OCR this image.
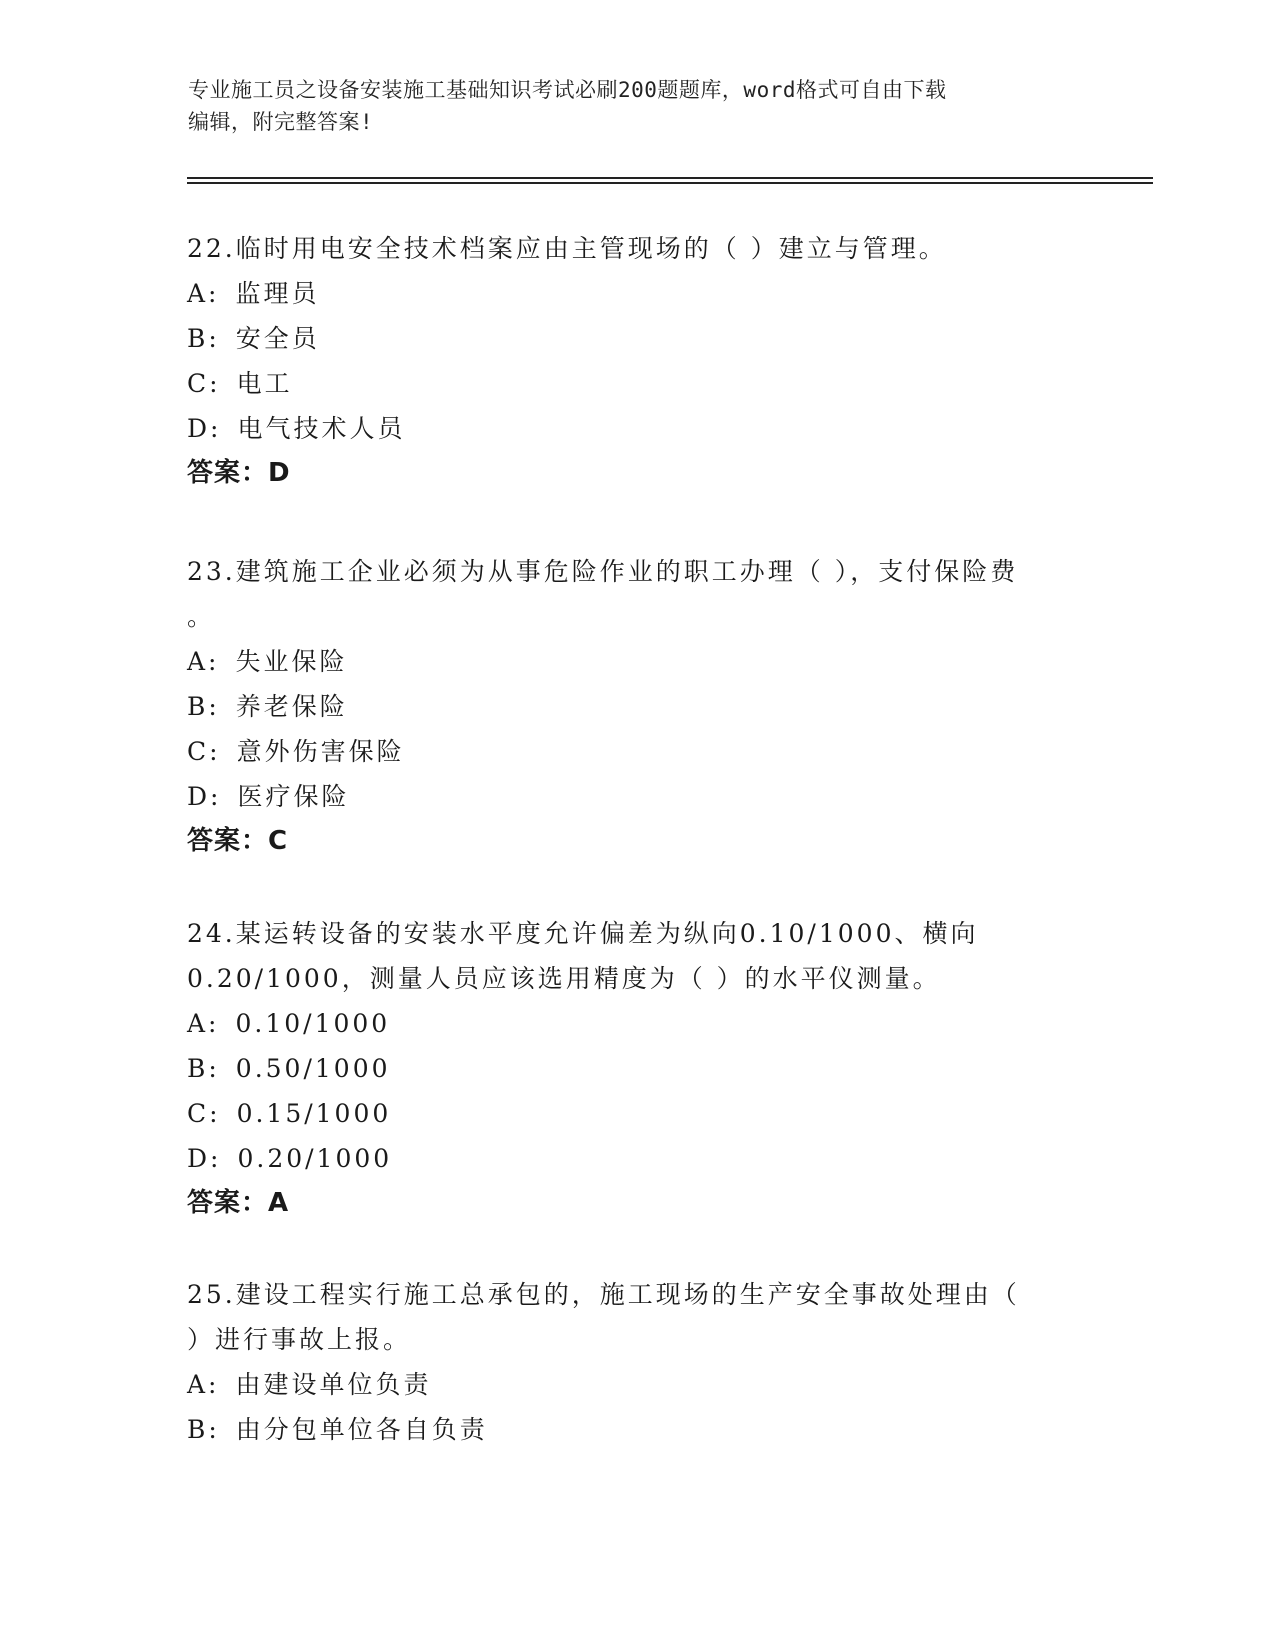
专业施工员之设备安装施工基础知识考试必刷200题题库，word格式可自由下载
编辑，附完整答案!
22.临时用电安全技术档案应由主管现场的（ ）建立与管理。
A: 监理员
B: 安全员
C: 电工
D: 电气技术人员
答案：D
23.建筑施工企业必须为从事危险作业的职工办理（ ），支付保险费
。
A: 失业保险
B: 养老保险
C: 意外伤害保险
D: 医疗保险
答案：C
24.某运转设备的安装水平度允许偏差为纵向0.10/1000、横向
0.20/1000，测量人员应该选用精度为（ ）的水平仪测量。
A: 0.10/1000
B: 0.50/1000
C: 0.15/1000
D: 0.20/1000
答案：A
25.建设工程实行施工总承包的，施工现场的生产安全事故处理由（
）进行事故上报。
A: 由建设单位负责
B: 由分包单位各自负责
